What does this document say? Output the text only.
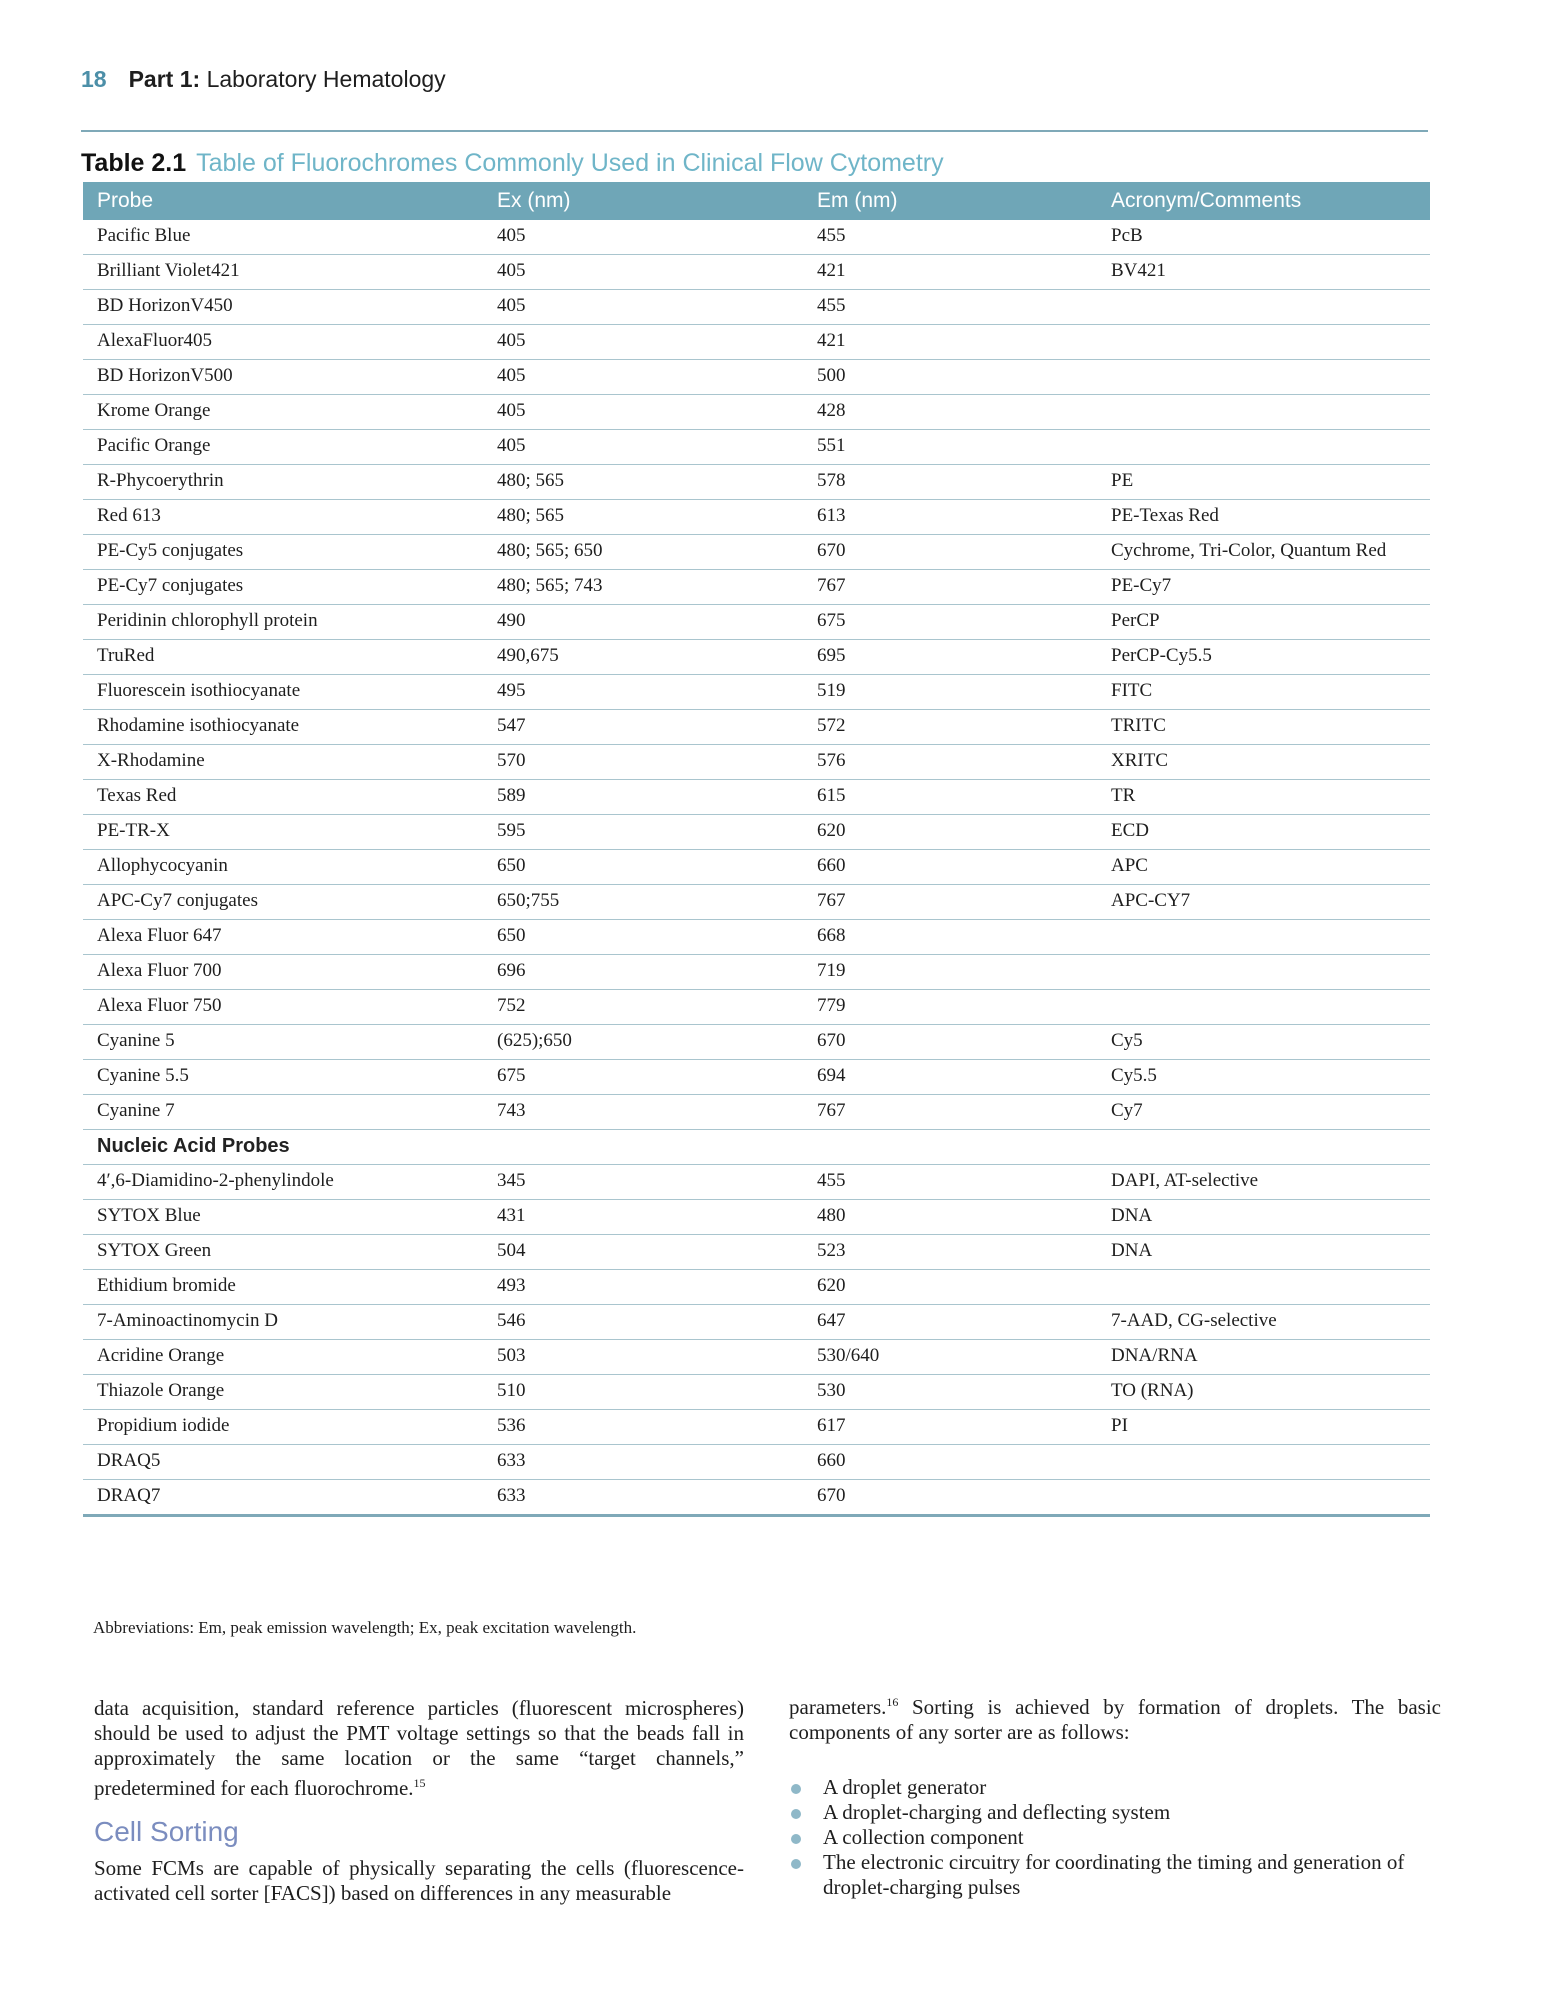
18 Part 1: Laboratory Hematology
Table 2.1 Table of Fluorochromes Commonly Used in Clinical Flow Cytometry
Probe	Ex (nm)	Em (nm)	Acronym/Comments
Pacific Blue	405	455	PcB
Brilliant Violet421	405	421	BV421
BD HorizonV450	405	455	
AlexaFluor405	405	421	
BD HorizonV500	405	500	
Krome Orange	405	428	
Pacific Orange	405	551	
R-Phycoerythrin	480; 565	578	PE
Red 613	480; 565	613	PE-Texas Red
PE-Cy5 conjugates	480; 565; 650	670	Cychrome, Tri-Color, Quantum Red
PE-Cy7 conjugates	480; 565; 743	767	PE-Cy7
Peridinin chlorophyll protein	490	675	PerCP
TruRed	490,675	695	PerCP-Cy5.5
Fluorescein isothiocyanate	495	519	FITC
Rhodamine isothiocyanate	547	572	TRITC
X-Rhodamine	570	576	XRITC
Texas Red	589	615	TR
PE-TR-X	595	620	ECD
Allophycocyanin	650	660	APC
APC-Cy7 conjugates	650;755	767	APC-CY7
Alexa Fluor 647	650	668	
Alexa Fluor 700	696	719	
Alexa Fluor 750	752	779	
Cyanine 5	(625);650	670	Cy5
Cyanine 5.5	675	694	Cy5.5
Cyanine 7	743	767	Cy7
Nucleic Acid Probes			
4′,6-Diamidino-2-phenylindole	345	455	DAPI, AT-selective
SYTOX Blue	431	480	DNA
SYTOX Green	504	523	DNA
Ethidium bromide	493	620	
7-Aminoactinomycin D	546	647	7-AAD, CG-selective
Acridine Orange	503	530/640	DNA/RNA
Thiazole Orange	510	530	TO (RNA)
Propidium iodide	536	617	PI
DRAQ5	633	660	
DRAQ7	633	670	
Abbreviations: Em, peak emission wavelength; Ex, peak excitation wavelength.

data acquisition, standard reference particles (fluorescent microspheres) should be used to adjust the PMT voltage settings so that the beads fall in approximately the same location or the same “target channels,” predetermined for each fluorochrome.$^{15}$

Cell Sorting

Some FCMs are capable of physically separating the cells (fluorescence-activated cell sorter [FACS]) based on differences in any measurable

parameters.$^{16}$ Sorting is achieved by formation of droplets. The basic components of any sorter are as follows:

A droplet generator
A droplet-charging and deflecting system
A collection component
The electronic circuitry for coordinating the timing and generation of droplet-charging pulses
